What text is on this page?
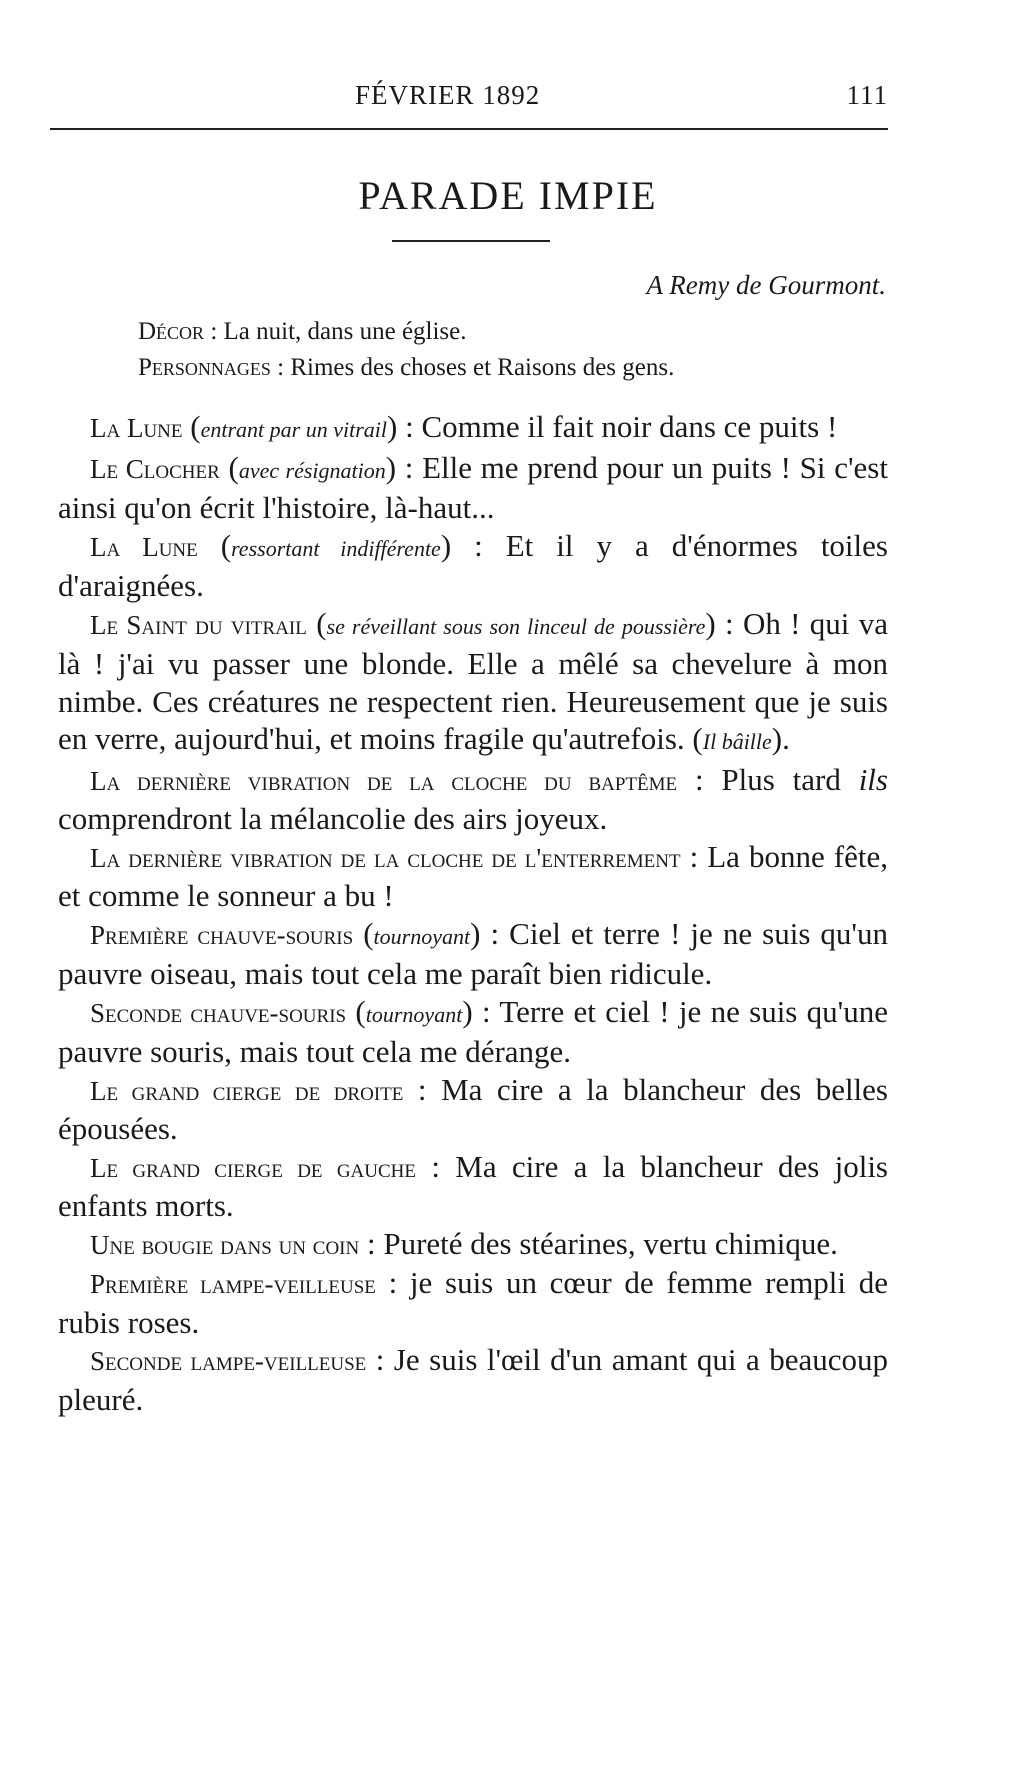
FÉVRIER 1892	111
PARADE IMPIE
A Remy de Gourmont.
Décor : La nuit, dans une église.
Personnages : Rimes des choses et Raisons des gens.

La Lune (entrant par un vitrail) : Comme il fait noir dans ce puits !

Le Clocher (avec résignation) : Elle me prend pour un puits ! Si c'est ainsi qu'on écrit l'histoire, là-haut...

La Lune (ressortant indifférente) : Et il y a d'énormes toiles d'araignées.

Le Saint du vitrail (se réveillant sous son linceul de poussière) : Oh ! qui va là ! j'ai vu passer une blonde. Elle a mêlé sa chevelure à mon nimbe. Ces créatures ne respectent rien. Heureusement que je suis en verre, aujourd'hui, et moins fragile qu'autrefois. (Il bâille).

La dernière vibration de la cloche du baptême : Plus tard ils comprendront la mélancolie des airs joyeux.

La dernière vibration de la cloche de l'enterrement : La bonne fête, et comme le sonneur a bu !

Première chauve-souris (tournoyant) : Ciel et terre ! je ne suis qu'un pauvre oiseau, mais tout cela me paraît bien ridicule.

Seconde chauve-souris (tournoyant) : Terre et ciel ! je ne suis qu'une pauvre souris, mais tout cela me dérange.

Le grand cierge de droite : Ma cire a la blancheur des belles épousées.

Le grand cierge de gauche : Ma cire a la blancheur des jolis enfants morts.

Une bougie dans un coin : Pureté des stéarines, vertu chimique.

Première lampe-veilleuse : je suis un cœur de femme rempli de rubis roses.

Seconde lampe-veilleuse : Je suis l'œil d'un amant qui a beaucoup pleuré.
